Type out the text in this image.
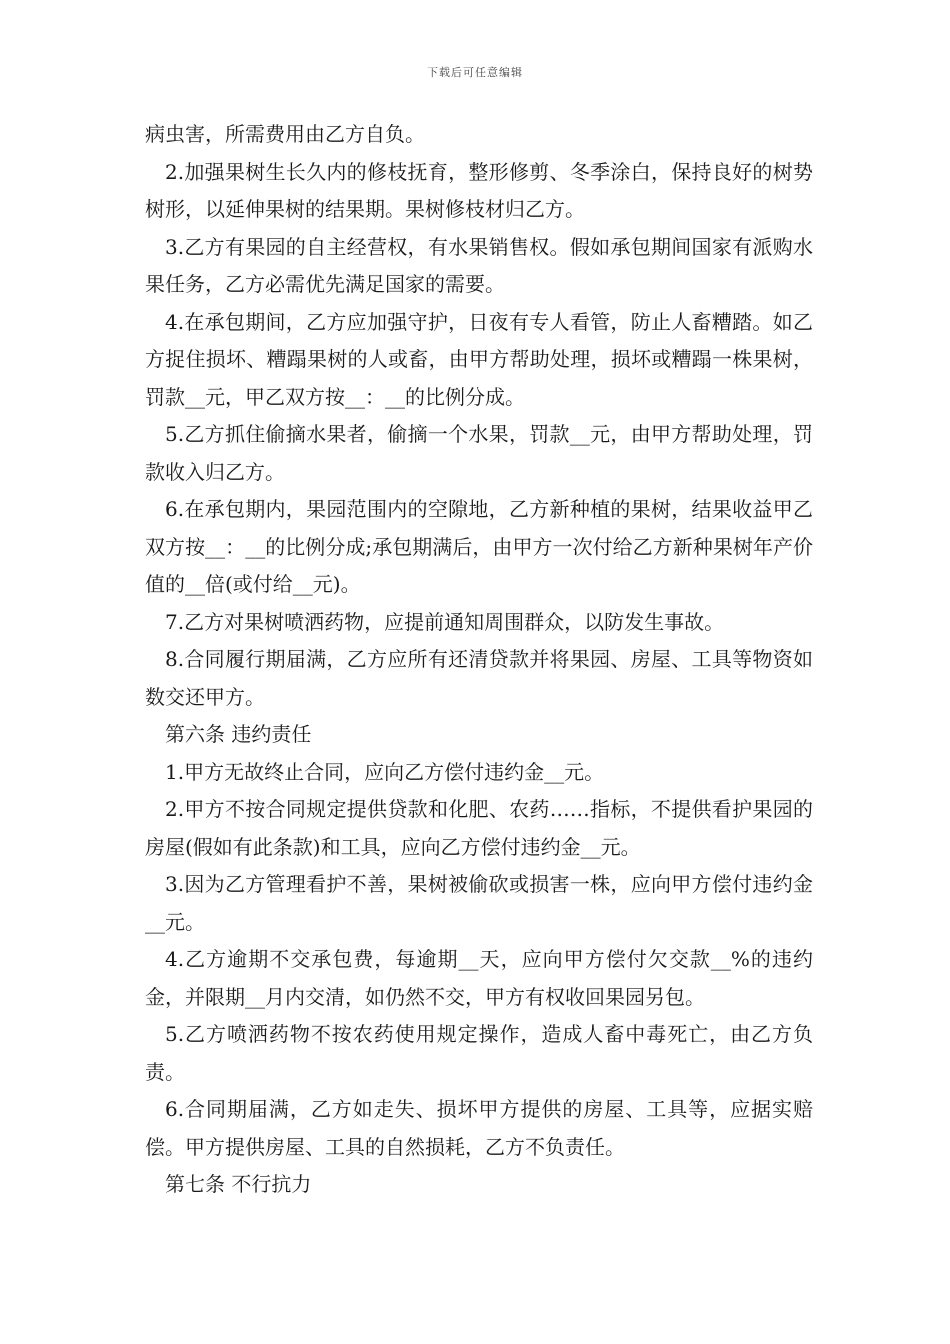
下载后可任意编辑

病虫害，所需费用由乙方自负。

2.加强果树生长久内的修枝抚育，整形修剪、冬季涂白，保持良好的树势树形，以延伸果树的结果期。果树修枝材归乙方。

3.乙方有果园的自主经营权，有水果销售权。假如承包期间国家有派购水果任务，乙方必需优先满足国家的需要。

4.在承包期间，乙方应加强守护，日夜有专人看管，防止人畜糟踏。如乙方捉住损坏、糟蹋果树的人或畜，由甲方帮助处理，损坏或糟蹋一株果树，罚款__元，甲乙双方按__：__的比例分成。

5.乙方抓住偷摘水果者，偷摘一个水果，罚款__元，由甲方帮助处理，罚款收入归乙方。

6.在承包期内，果园范围内的空隙地，乙方新种植的果树，结果收益甲乙双方按__：__的比例分成;承包期满后，由甲方一次付给乙方新种果树年产价值的__倍(或付给__元)。

7.乙方对果树喷洒药物，应提前通知周围群众，以防发生事故。

8.合同履行期届满，乙方应所有还清贷款并将果园、房屋、工具等物资如数交还甲方。

第六条 违约责任

1.甲方无故终止合同，应向乙方偿付违约金__元。

2.甲方不按合同规定提供贷款和化肥、农药……指标，不提供看护果园的房屋(假如有此条款)和工具，应向乙方偿付违约金__元。

3.因为乙方管理看护不善，果树被偷砍或损害一株，应向甲方偿付违约金__元。

4.乙方逾期不交承包费，每逾期__天，应向甲方偿付欠交款__%的违约金，并限期__月内交清，如仍然不交，甲方有权收回果园另包。

5.乙方喷洒药物不按农药使用规定操作，造成人畜中毒死亡，由乙方负责。

6.合同期届满，乙方如走失、损坏甲方提供的房屋、工具等，应据实赔偿。甲方提供房屋、工具的自然损耗，乙方不负责任。

第七条 不行抗力
